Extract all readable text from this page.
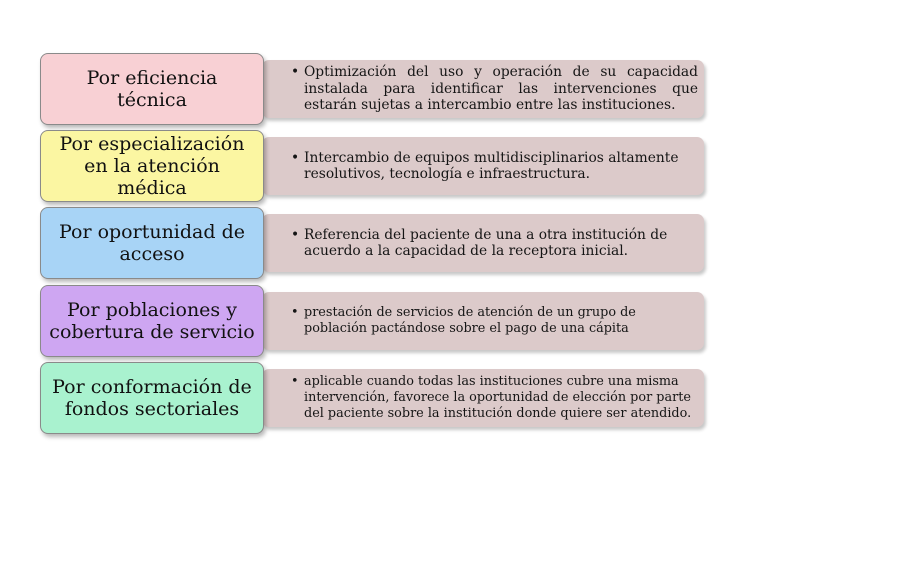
• Optimización del uso y operación de su capacidad instalada para identificar las intervenciones que estarán sujetas a intercambio entre las instituciones.
Por eficiencia técnica
• Intercambio de equipos multidisciplinarios altamente resolutivos, tecnología e infraestructura.
Por especialización en la atención médica
• Referencia del paciente de una a otra institución de acuerdo a la capacidad de la receptora inicial.
Por oportunidad de acceso
• prestación de servicios de atención de un grupo de población pactándose sobre el pago de una cápita
Por poblaciones y cobertura de servicio
• aplicable cuando todas las instituciones cubre una misma intervención, favorece la oportunidad de elección por parte del paciente sobre la institución donde quiere ser atendido.
Por conformación de fondos sectoriales
